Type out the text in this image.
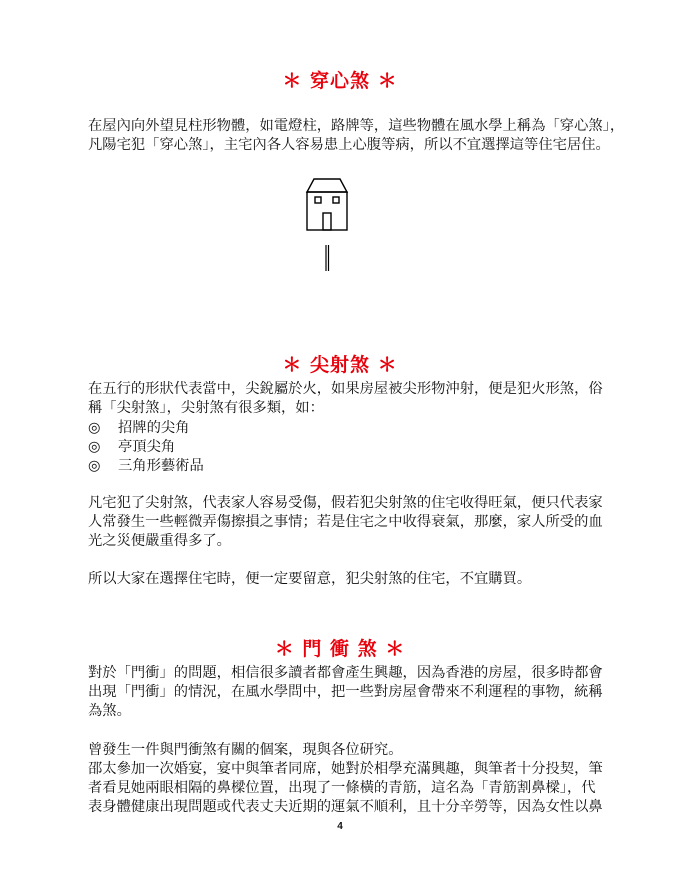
＊ 穿心煞 ＊
在屋內向外望見柱形物體，如電燈柱，路牌等，這些物體在風水學上稱為「穿心煞」，
凡陽宅犯「穿心煞」，主宅內各人容易患上心腹等病，所以不宜選擇這等住宅居住。
＊ 尖射煞 ＊
在五行的形狀代表當中，尖銳屬於火，如果房屋被尖形物沖射，便是犯火形煞，俗
稱「尖射煞」，尖射煞有很多類，如：
◎ 招牌的尖角
◎ 亭頂尖角
◎ 三角形藝術品
凡宅犯了尖射煞，代表家人容易受傷，假若犯尖射煞的住宅收得旺氣，便只代表家
人常發生一些輕微弄傷擦損之事情；若是住宅之中收得衰氣，那麼，家人所受的血
光之災便嚴重得多了。
所以大家在選擇住宅時，便一定要留意，犯尖射煞的住宅，不宜購買。
＊ 門 衝 煞 ＊
對於「門衝」的問題，相信很多讀者都會產生興趣，因為香港的房屋，很多時都會
出現「門衝」的情況，在風水學問中，把一些對房屋會帶來不利運程的事物，統稱
為煞。
曾發生一件與門衝煞有關的個案，現與各位研究。
邵太參加一次婚宴，宴中與筆者同席，她對於相學充滿興趣，與筆者十分投契，筆
者看見她兩眼相隔的鼻樑位置，出現了一條橫的青筋，這名為「青筋割鼻樑」，代
表身體健康出現問題或代表丈夫近期的運氣不順利，且十分辛勞等，因為女性以鼻
4
